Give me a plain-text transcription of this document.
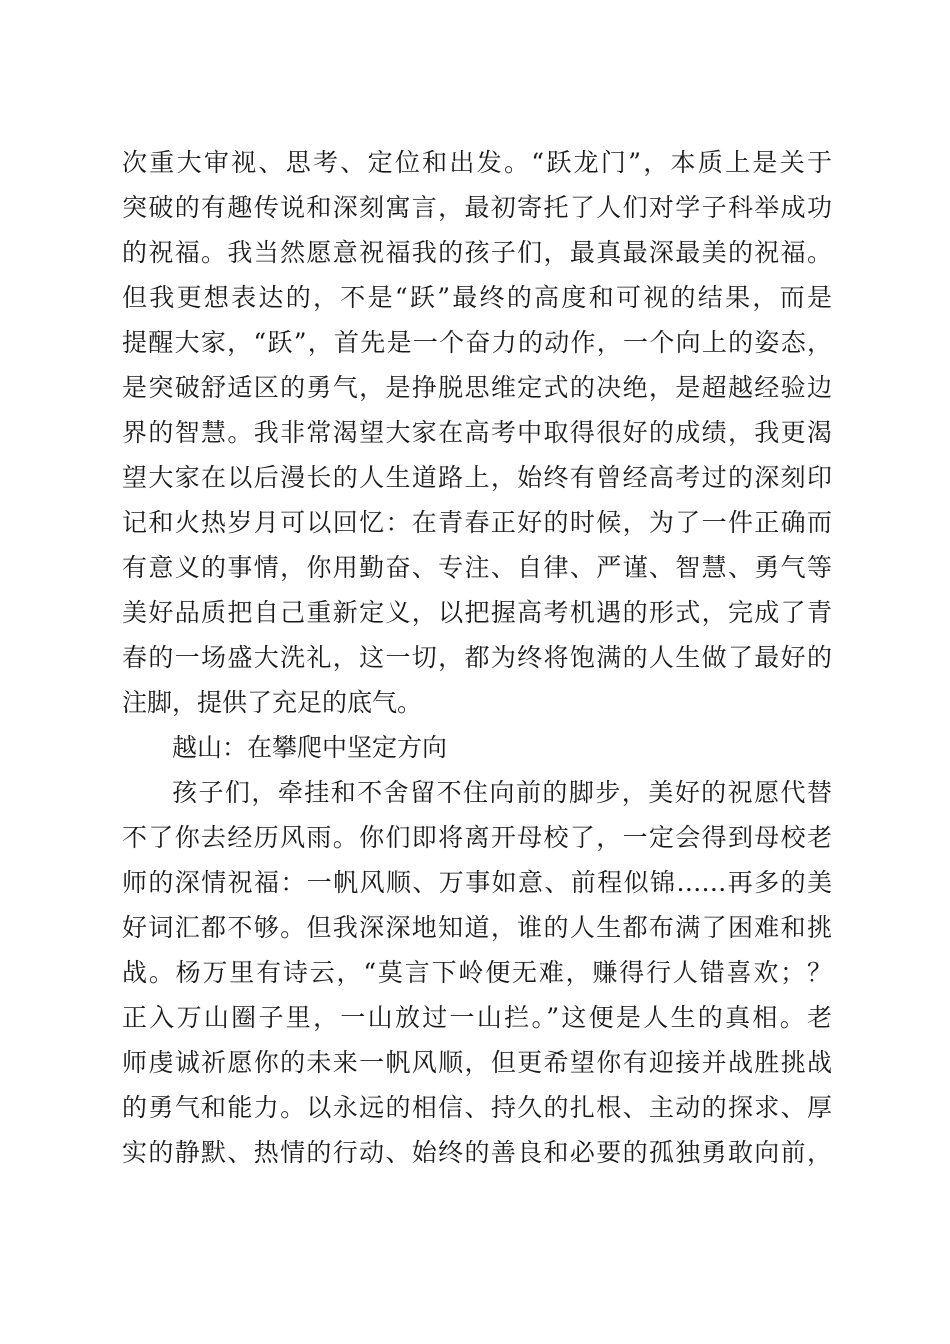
次重大审视、思考、定位和出发。“跃龙门”，本质上是关于
突破的有趣传说和深刻寓言，最初寄托了人们对学子科举成功
的祝福。我当然愿意祝福我的孩子们，最真最深最美的祝福。
但我更想表达的，不是“跃”最终的高度和可视的结果，而是
提醒大家，“跃”，首先是一个奋力的动作，一个向上的姿态，
是突破舒适区的勇气，是挣脱思维定式的决绝，是超越经验边
界的智慧。我非常渴望大家在高考中取得很好的成绩，我更渴
望大家在以后漫长的人生道路上，始终有曾经高考过的深刻印
记和火热岁月可以回忆：在青春正好的时候，为了一件正确而
有意义的事情，你用勤奋、专注、自律、严谨、智慧、勇气等
美好品质把自己重新定义，以把握高考机遇的形式，完成了青
春的一场盛大洗礼，这一切，都为终将饱满的人生做了最好的
注脚，提供了充足的底气。
越山：在攀爬中坚定方向
孩子们，牵挂和不舍留不住向前的脚步，美好的祝愿代替
不了你去经历风雨。你们即将离开母校了，一定会得到母校老
师的深情祝福：一帆风顺、万事如意、前程似锦……再多的美
好词汇都不够。但我深深地知道，谁的人生都布满了困难和挑
战。杨万里有诗云，“莫言下岭便无难，赚得行人错喜欢；？
正入万山圈子里，一山放过一山拦。”这便是人生的真相。老
师虔诚祈愿你的未来一帆风顺，但更希望你有迎接并战胜挑战
的勇气和能力。以永远的相信、持久的扎根、主动的探求、厚
实的静默、热情的行动、始终的善良和必要的孤独勇敢向前，
